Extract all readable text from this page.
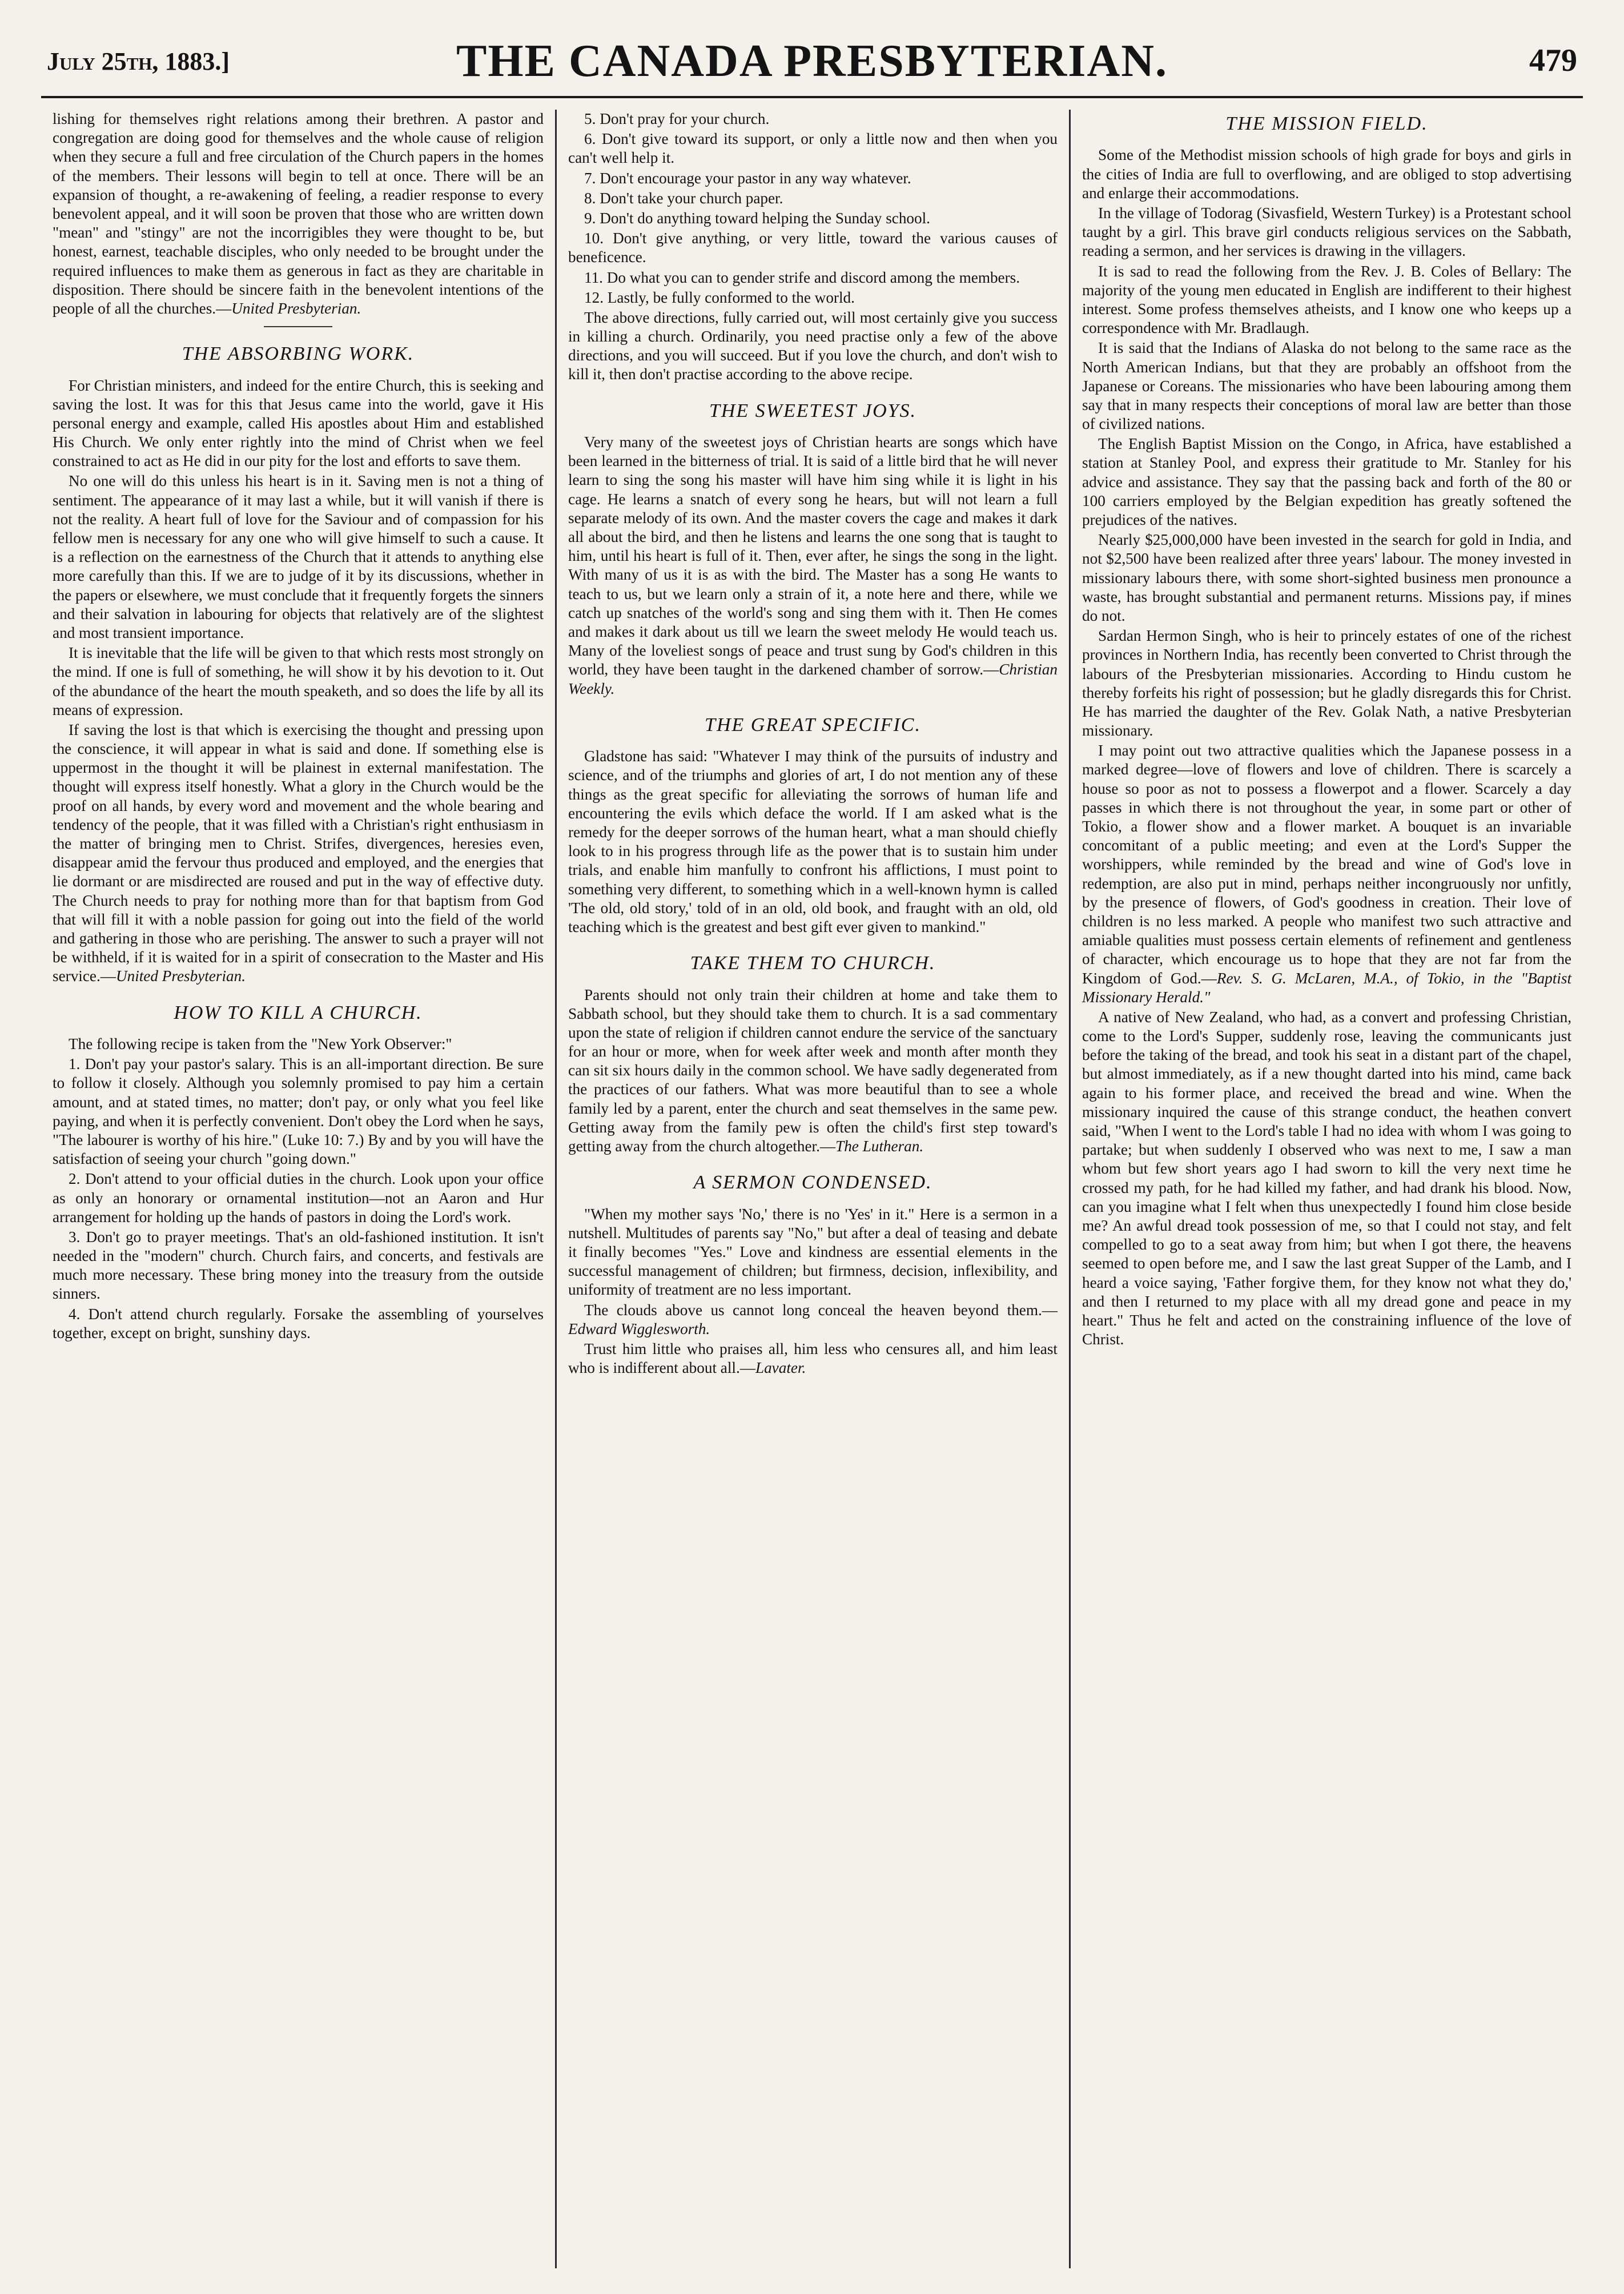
July 25th, 1883.]	THE CANADA PRESBYTERIAN.	479

lishing for themselves right relations among their brethren. A pastor and congregation are doing good for themselves and the whole cause of religion when they secure a full and free circulation of the Church papers in the homes of the members. Their lessons will begin to tell at once. There will be an expansion of thought, a re-awakening of feeling, a readier response to every benevolent appeal, and it will soon be proven that those who are written down "mean" and "stingy" are not the incorrigibles they were thought to be, but honest, earnest, teachable disciples, who only needed to be brought under the required influences to make them as generous in fact as they are charitable in disposition. There should be sincere faith in the benevolent intentions of the people of all the churches.—United Presbyterian.

THE ABSORBING WORK.

For Christian ministers, and indeed for the entire Church, this is seeking and saving the lost. It was for this that Jesus came into the world, gave it His personal energy and example, called His apostles about Him and established His Church. We only enter rightly into the mind of Christ when we feel constrained to act as He did in our pity for the lost and efforts to save them.

No one will do this unless his heart is in it. Saving men is not a thing of sentiment. The appearance of it may last a while, but it will vanish if there is not the reality. A heart full of love for the Saviour and of compassion for his fellow men is necessary for any one who will give himself to such a cause. It is a reflection on the earnestness of the Church that it attends to anything else more carefully than this. If we are to judge of it by its discussions, whether in the papers or elsewhere, we must conclude that it frequently forgets the sinners and their salvation in labouring for objects that relatively are of the slightest and most transient importance.

It is inevitable that the life will be given to that which rests most strongly on the mind. If one is full of something, he will show it by his devotion to it. Out of the abundance of the heart the mouth speaketh, and so does the life by all its means of expression.

If saving the lost is that which is exercising the thought and pressing upon the conscience, it will appear in what is said and done. If something else is uppermost in the thought it will be plainest in external manifestation. The thought will express itself honestly. What a glory in the Church would be the proof on all hands, by every word and movement and the whole bearing and tendency of the people, that it was filled with a Christian's right enthusiasm in the matter of bringing men to Christ. Strifes, divergences, heresies even, disappear amid the fervour thus produced and employed, and the energies that lie dormant or are misdirected are roused and put in the way of effective duty. The Church needs to pray for nothing more than for that baptism from God that will fill it with a noble passion for going out into the field of the world and gathering in those who are perishing. The answer to such a prayer will not be withheld, if it is waited for in a spirit of consecration to the Master and His service.—United Presbyterian.

HOW TO KILL A CHURCH.

The following recipe is taken from the "New York Observer:"

1. Don't pay your pastor's salary. This is an all-important direction. Be sure to follow it closely. Although you solemnly promised to pay him a certain amount, and at stated times, no matter; don't pay, or only what you feel like paying, and when it is perfectly convenient. Don't obey the Lord when he says, "The labourer is worthy of his hire." (Luke 10: 7.) By and by you will have the satisfaction of seeing your church "going down."

2. Don't attend to your official duties in the church. Look upon your office as only an honorary or ornamental institution—not an Aaron and Hur arrangement for holding up the hands of pastors in doing the Lord's work.

3. Don't go to prayer meetings. That's an old-fashioned institution. It isn't needed in the "modern" church. Church fairs, and concerts, and festivals are much more necessary. These bring money into the treasury from the outside sinners.

4. Don't attend church regularly. Forsake the assembling of yourselves together, except on bright, sunshiny days.

5. Don't pray for your church.

6. Don't give toward its support, or only a little now and then when you can't well help it.

7. Don't encourage your pastor in any way whatever.

8. Don't take your church paper.

9. Don't do anything toward helping the Sunday school.

10. Don't give anything, or very little, toward the various causes of beneficence.

11. Do what you can to gender strife and discord among the members.

12. Lastly, be fully conformed to the world.

The above directions, fully carried out, will most certainly give you success in killing a church. Ordinarily, you need practise only a few of the above directions, and you will succeed. But if you love the church, and don't wish to kill it, then don't practise according to the above recipe.

THE SWEETEST JOYS.

Very many of the sweetest joys of Christian hearts are songs which have been learned in the bitterness of trial. It is said of a little bird that he will never learn to sing the song his master will have him sing while it is light in his cage. He learns a snatch of every song he hears, but will not learn a full separate melody of its own. And the master covers the cage and makes it dark all about the bird, and then he listens and learns the one song that is taught to him, until his heart is full of it. Then, ever after, he sings the song in the light. With many of us it is as with the bird. The Master has a song He wants to teach to us, but we learn only a strain of it, a note here and there, while we catch up snatches of the world's song and sing them with it. Then He comes and makes it dark about us till we learn the sweet melody He would teach us. Many of the loveliest songs of peace and trust sung by God's children in this world, they have been taught in the darkened chamber of sorrow.—Christian Weekly.

THE GREAT SPECIFIC.

Gladstone has said: "Whatever I may think of the pursuits of industry and science, and of the triumphs and glories of art, I do not mention any of these things as the great specific for alleviating the sorrows of human life and encountering the evils which deface the world. If I am asked what is the remedy for the deeper sorrows of the human heart, what a man should chiefly look to in his progress through life as the power that is to sustain him under trials, and enable him manfully to confront his afflictions, I must point to something very different, to something which in a well-known hymn is called 'The old, old story,' told of in an old, old book, and fraught with an old, old teaching which is the greatest and best gift ever given to mankind."

TAKE THEM TO CHURCH.

Parents should not only train their children at home and take them to Sabbath school, but they should take them to church. It is a sad commentary upon the state of religion if children cannot endure the service of the sanctuary for an hour or more, when for week after week and month after month they can sit six hours daily in the common school. We have sadly degenerated from the practices of our fathers. What was more beautiful than to see a whole family led by a parent, enter the church and seat themselves in the same pew. Getting away from the family pew is often the child's first step toward's getting away from the church altogether.—The Lutheran.

A SERMON CONDENSED.

"When my mother says 'No,' there is no 'Yes' in it." Here is a sermon in a nutshell. Multitudes of parents say "No," but after a deal of teasing and debate it finally becomes "Yes." Love and kindness are essential elements in the successful management of children; but firmness, decision, inflexibility, and uniformity of treatment are no less important.

The clouds above us cannot long conceal the heaven beyond them.—Edward Wigglesworth.

Trust him little who praises all, him less who censures all, and him least who is indifferent about all.—Lavater.

THE MISSION FIELD.

Some of the Methodist mission schools of high grade for boys and girls in the cities of India are full to overflowing, and are obliged to stop advertising and enlarge their accommodations.

In the village of Todorag (Sivasfield, Western Turkey) is a Protestant school taught by a girl. This brave girl conducts religious services on the Sabbath, reading a sermon, and her services is drawing in the villagers.

It is sad to read the following from the Rev. J. B. Coles of Bellary: The majority of the young men educated in English are indifferent to their highest interest. Some profess themselves atheists, and I know one who keeps up a correspondence with Mr. Bradlaugh.

It is said that the Indians of Alaska do not belong to the same race as the North American Indians, but that they are probably an offshoot from the Japanese or Coreans. The missionaries who have been labouring among them say that in many respects their conceptions of moral law are better than those of civilized nations.

The English Baptist Mission on the Congo, in Africa, have established a station at Stanley Pool, and express their gratitude to Mr. Stanley for his advice and assistance. They say that the passing back and forth of the 80 or 100 carriers employed by the Belgian expedition has greatly softened the prejudices of the natives.

Nearly $25,000,000 have been invested in the search for gold in India, and not $2,500 have been realized after three years' labour. The money invested in missionary labours there, with some short-sighted business men pronounce a waste, has brought substantial and permanent returns. Missions pay, if mines do not.

Sardan Hermon Singh, who is heir to princely estates of one of the richest provinces in Northern India, has recently been converted to Christ through the labours of the Presbyterian missionaries. According to Hindu custom he thereby forfeits his right of possession; but he gladly disregards this for Christ. He has married the daughter of the Rev. Golak Nath, a native Presbyterian missionary.

I may point out two attractive qualities which the Japanese possess in a marked degree—love of flowers and love of children. There is scarcely a house so poor as not to possess a flowerpot and a flower. Scarcely a day passes in which there is not throughout the year, in some part or other of Tokio, a flower show and a flower market. A bouquet is an invariable concomitant of a public meeting; and even at the Lord's Supper the worshippers, while reminded by the bread and wine of God's love in redemption, are also put in mind, perhaps neither incongruously nor unfitly, by the presence of flowers, of God's goodness in creation. Their love of children is no less marked. A people who manifest two such attractive and amiable qualities must possess certain elements of refinement and gentleness of character, which encourage us to hope that they are not far from the Kingdom of God.—Rev. S. G. McLaren, M.A., of Tokio, in the "Baptist Missionary Herald."

A native of New Zealand, who had, as a convert and professing Christian, come to the Lord's Supper, suddenly rose, leaving the communicants just before the taking of the bread, and took his seat in a distant part of the chapel, but almost immediately, as if a new thought darted into his mind, came back again to his former place, and received the bread and wine. When the missionary inquired the cause of this strange conduct, the heathen convert said, "When I went to the Lord's table I had no idea with whom I was going to partake; but when suddenly I observed who was next to me, I saw a man whom but few short years ago I had sworn to kill the very next time he crossed my path, for he had killed my father, and had drank his blood. Now, can you imagine what I felt when thus unexpectedly I found him close beside me? An awful dread took possession of me, so that I could not stay, and felt compelled to go to a seat away from him; but when I got there, the heavens seemed to open before me, and I saw the last great Supper of the Lamb, and I heard a voice saying, 'Father forgive them, for they know not what they do,' and then I returned to my place with all my dread gone and peace in my heart." Thus he felt and acted on the constraining influence of the love of Christ.
